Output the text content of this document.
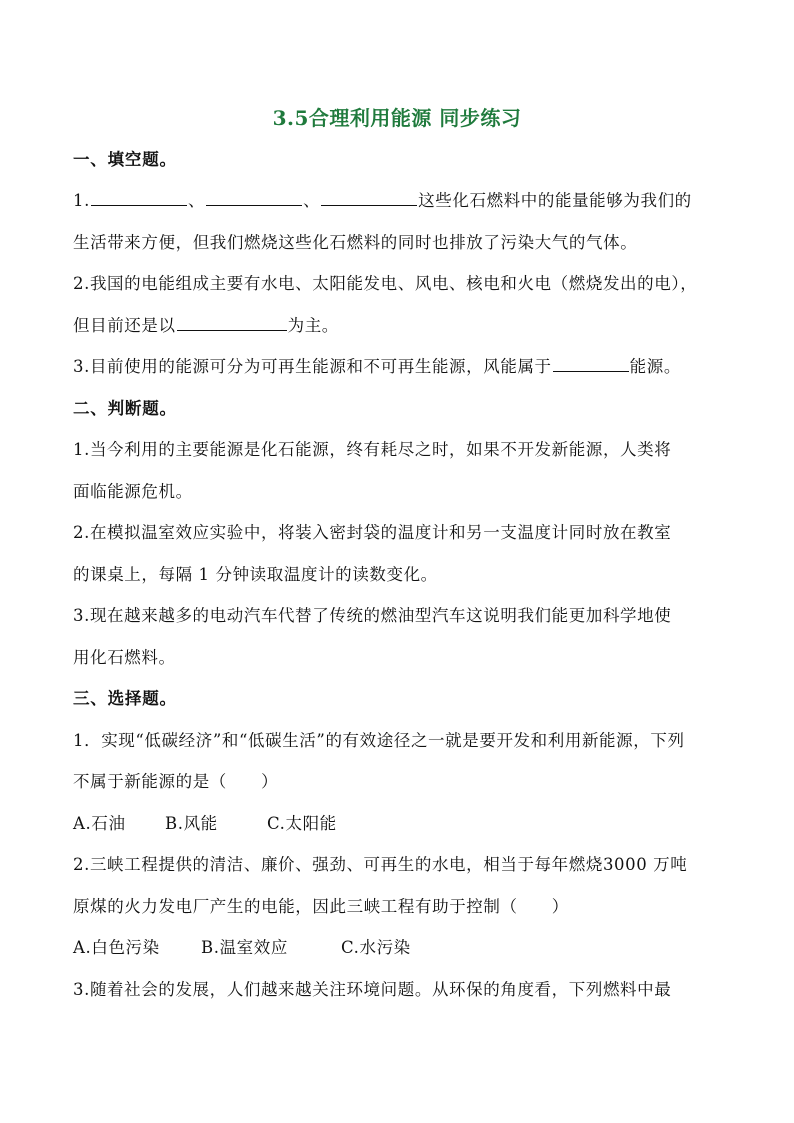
3.5合理利用能源 同步练习
一、填空题。
1.	、	、	这些化石燃料中的能量能够为我们的
生活带来方便，但我们燃烧这些化石燃料的同时也排放了污染大气的气体。
2.我国的电能组成主要有水电、太阳能发电、风电、核电和火电（燃烧发出的电），
但目前还是以	为主。
3.目前使用的能源可分为可再生能源和不可再生能源，风能属于	能源。
二、判断题。
1.当今利用的主要能源是化石能源，终有耗尽之时，如果不开发新能源，人类将
面临能源危机。
2.在模拟温室效应实验中，将装入密封袋的温度计和另一支温度计同时放在教室
的课桌上，每隔 1 分钟读取温度计的读数变化。
3.现在越来越多的电动汽车代替了传统的燃油型汽车这说明我们能更加科学地使
用化石燃料。
三、选择题。
1．实现“低碳经济”和“低碳生活”的有效途径之一就是要开发和利用新能源，下列
不属于新能源的是（　　）
A.石油 B.风能	C.太阳能
2.三峡工程提供的清洁、廉价、强劲、可再生的水电，相当于每年燃烧3000 万吨
原煤的火力发电厂产生的电能，因此三峡工程有助于控制（　　）
A.白色污染 B.温室效应	C.水污染
3.随着社会的发展，人们越来越关注环境问题。从环保的角度看，下列燃料中最
